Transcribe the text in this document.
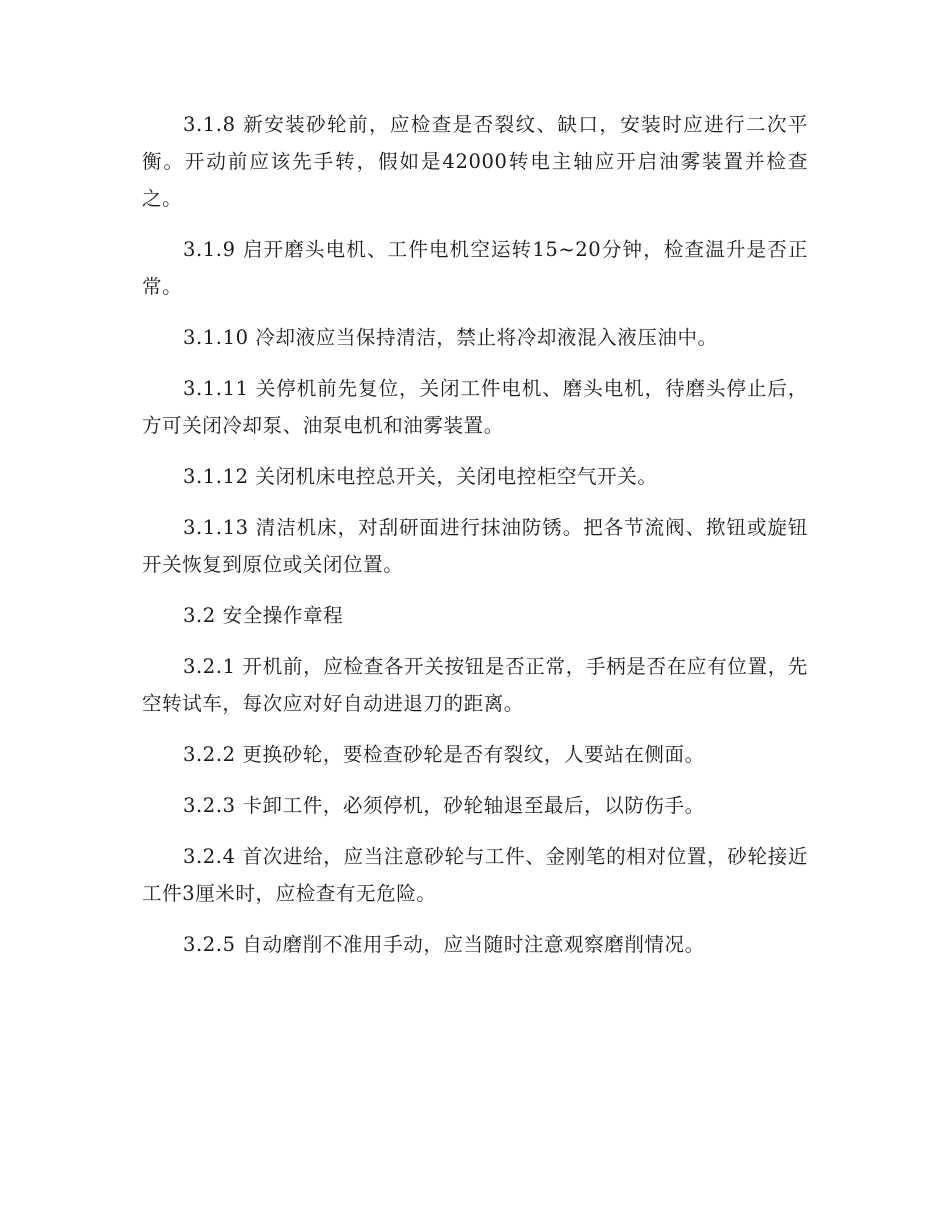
3.1.8 新安装砂轮前，应检查是否裂纹、缺口，安装时应进行二次平衡。开动前应该先手转，假如是42000转电主轴应开启油雾装置并检查之。

3.1.9 启开磨头电机、工件电机空运转15~20分钟，检查温升是否正常。

3.1.10 冷却液应当保持清洁，禁止将冷却液混入液压油中。

3.1.11 关停机前先复位，关闭工件电机、磨头电机，待磨头停止后，方可关闭冷却泵、油泵电机和油雾装置。

3.1.12 关闭机床电控总开关，关闭电控柜空气开关。

3.1.13 清洁机床，对刮研面进行抹油防锈。把各节流阀、揿钮或旋钮开关恢复到原位或关闭位置。

3.2 安全操作章程

3.2.1 开机前，应检查各开关按钮是否正常，手柄是否在应有位置，先空转试车，每次应对好自动进退刀的距离。

3.2.2 更换砂轮，要检查砂轮是否有裂纹，人要站在侧面。

3.2.3 卡卸工件，必须停机，砂轮轴退至最后，以防伤手。

3.2.4 首次进给，应当注意砂轮与工件、金刚笔的相对位置，砂轮接近工件3厘米时，应检查有无危险。

3.2.5 自动磨削不准用手动，应当随时注意观察磨削情况。
